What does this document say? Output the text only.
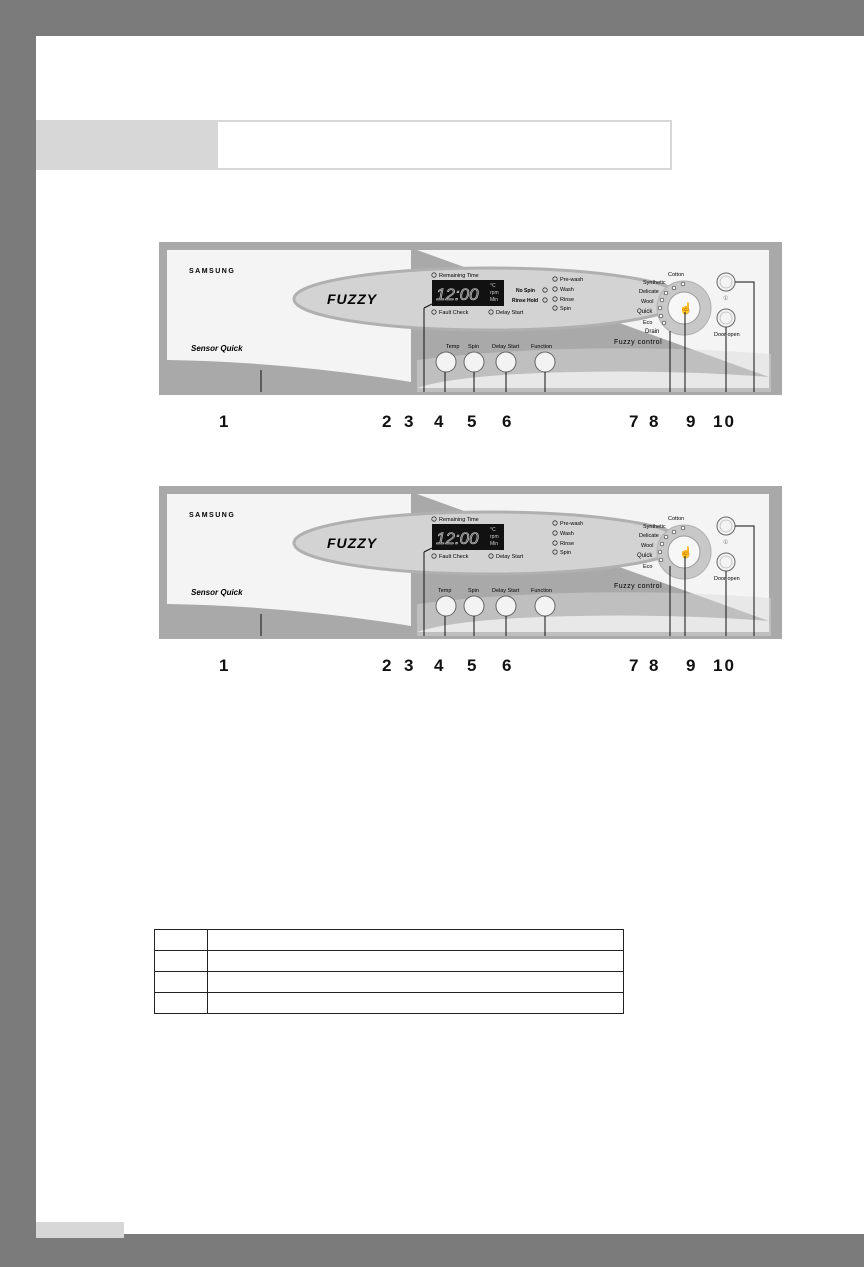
SAMSUNG
Sensor Quick
FUZZY	12:00 °C
rpm
Min
Remaining Time
Fault Check	Delay Start
No Spin
Rinse Hold
Pre-wash
Wash
Rinse
Spin
Temp Spin Delay Start Function
☝
Cotton
Synthetic
Delicate
Wool
Quick
Eco
Drain
Fuzzy control
①
Door open
SAMSUNG
Sensor Quick
FUZZY	12:00 °C
rpm
Min
Remaining Time
Fault Check	Delay Start
Pre-wash
Wash
Rinse
Spin
Temp	Spin Delay Start Function
☝
Cotton
Synthetic
Delicate
Wool
Quick
Eco
Fuzzy control
①
Door open
1	2 3 4 5 6	7 8 9 10
1	2 3 4 5 6	7 8 9 10
